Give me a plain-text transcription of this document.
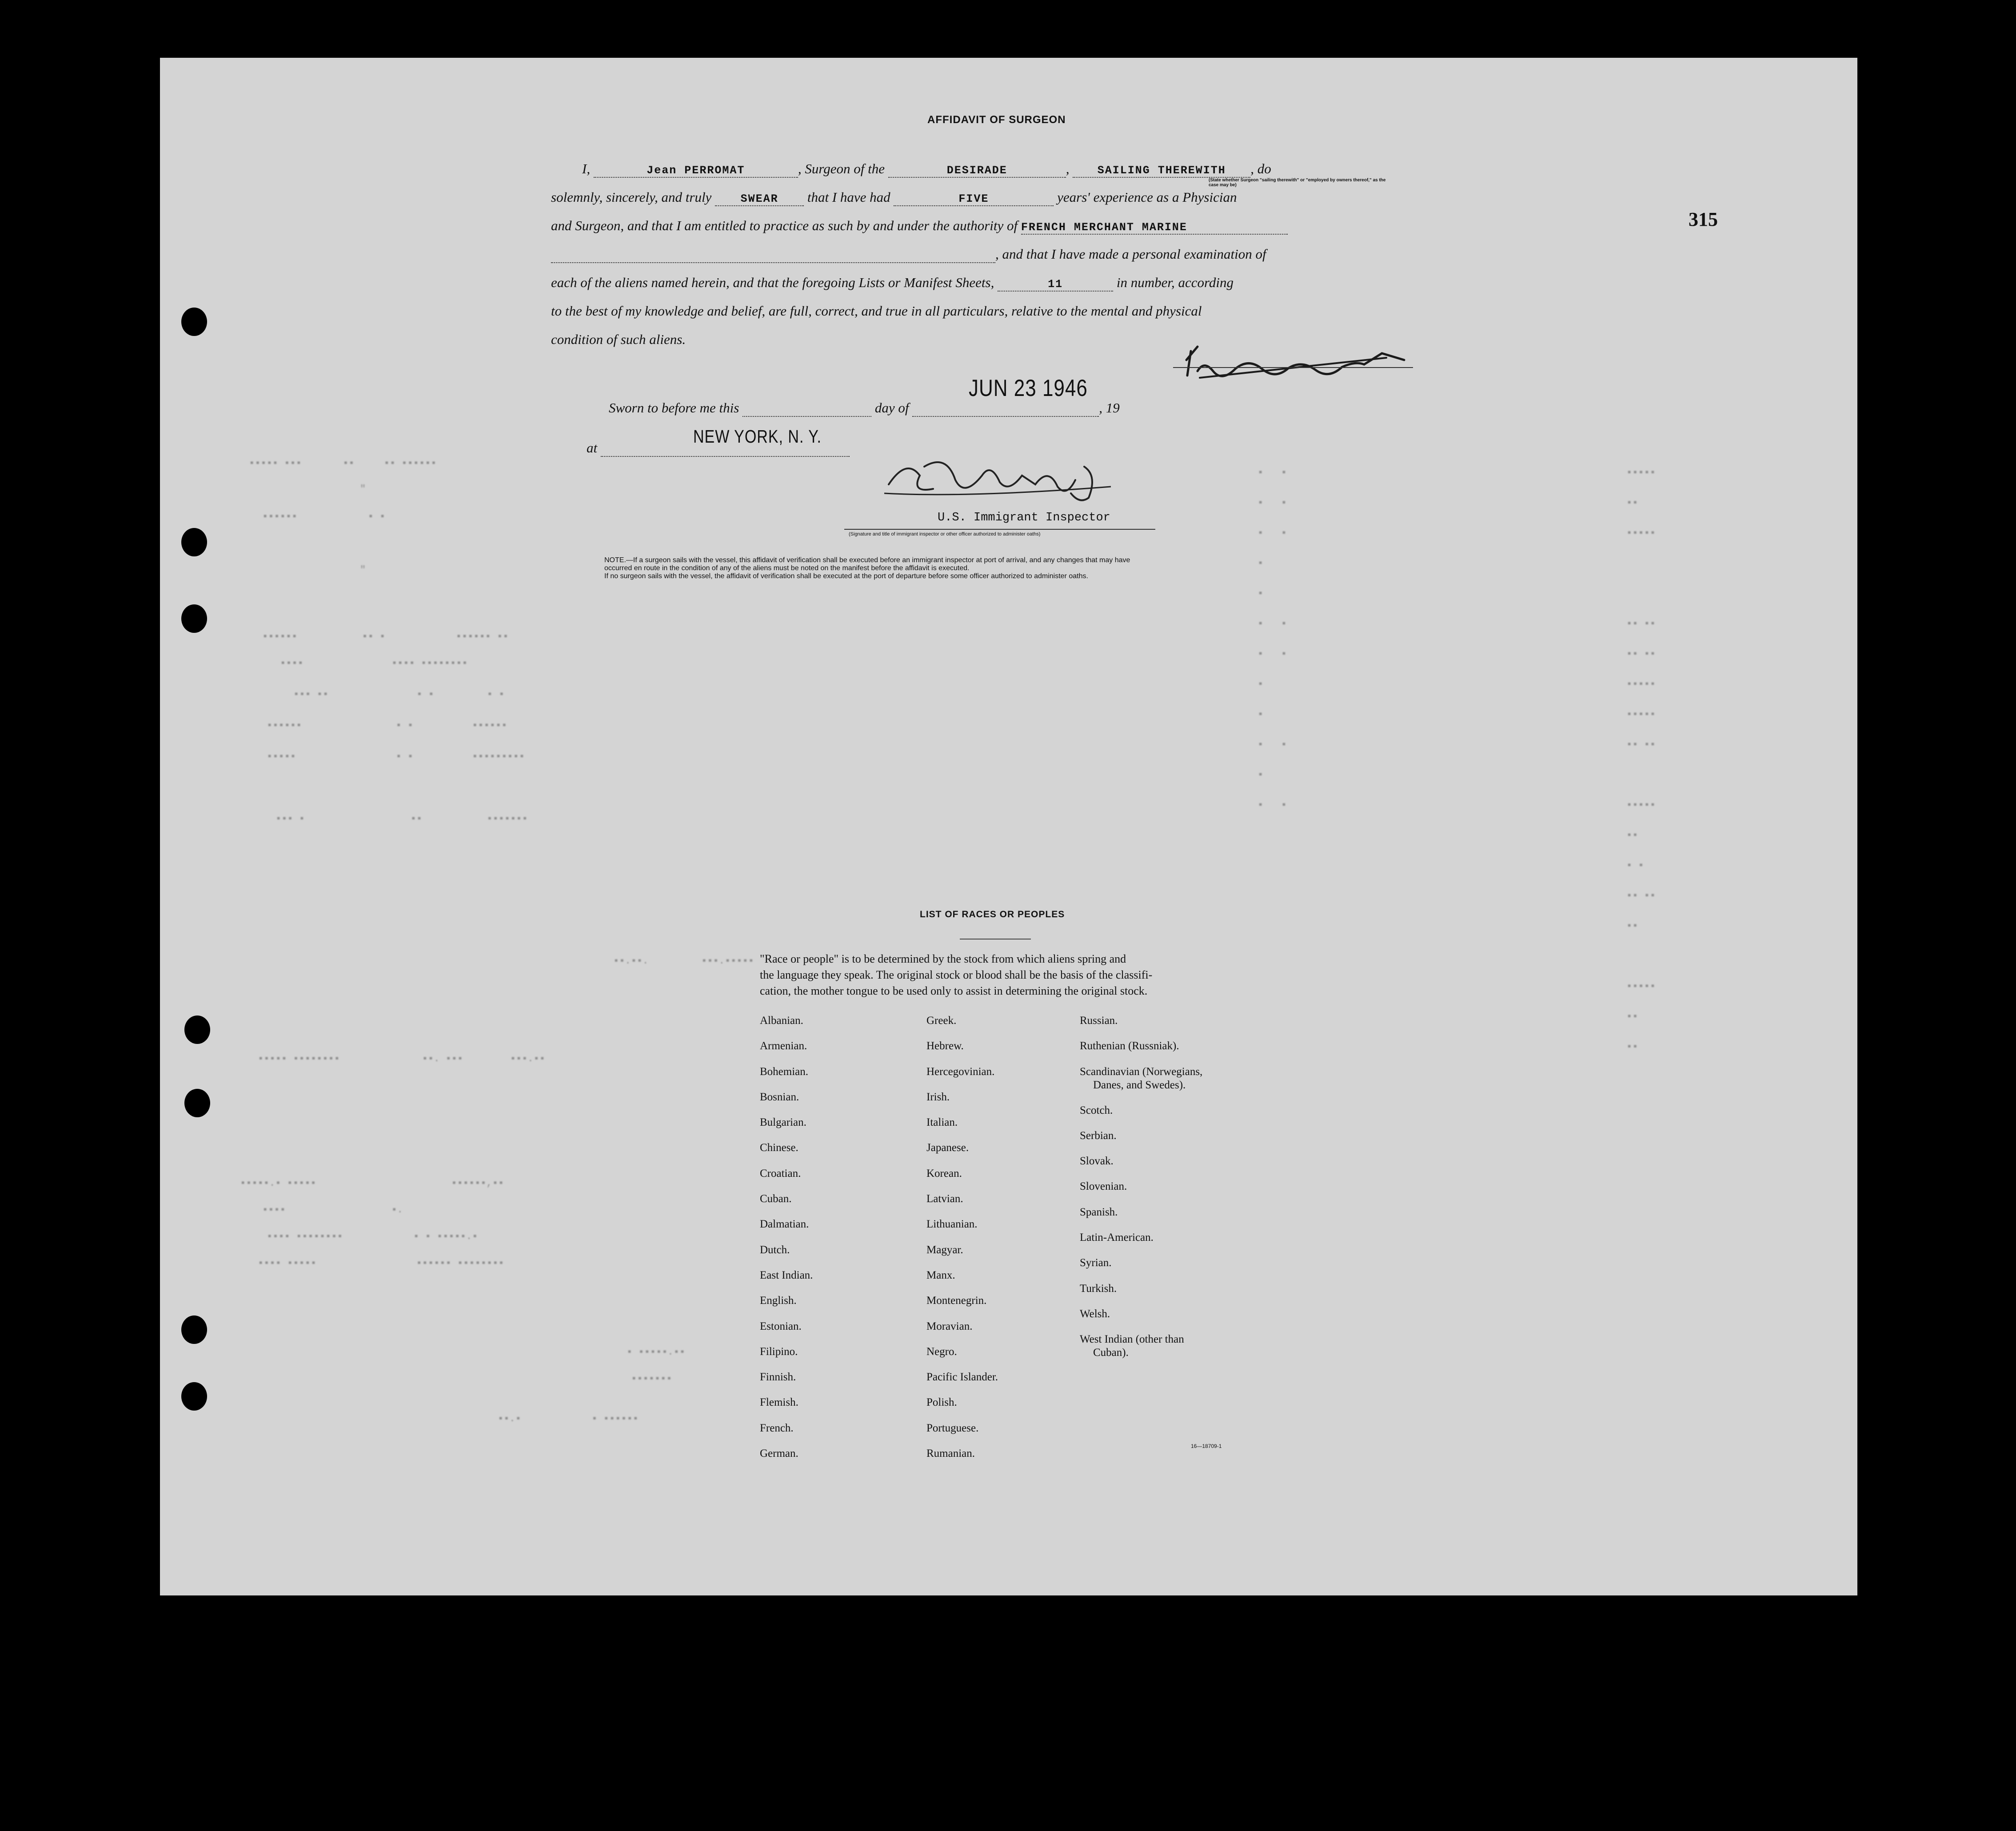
315
AFFIDAVIT OF SURGEON
I,	Jean PERROMAT	, Surgeon of the	DESIRADE	,	SAILING THEREWITH , do
(State whether Surgeon "sailing therewith" or "employed by owners thereof," as the case may be)
solemnly, sincerely, and truly	SWEAR that I have had	FIVE	years' experience as a Physician
and Surgeon, and that I am entitled to practice as such by and under the authority of FRENCH MERCHANT MARINE
, and that I have made a personal examination of
each of the aliens named herein, and that the foregoing Lists or Manifest Sheets,	11	in number, according
to the best of my knowledge and belief, are full, correct, and true in all particulars, relative to the mental and physical
condition of such aliens.
Sworn to before me this	day of	, 19
JUN 23 1946
at
NEW YORK, N. Y.
U.S. Immigrant Inspector
(Signature and title of immigrant inspector or other officer authorized to administer oaths)
NOTE.—If a surgeon sails with the vessel, this affidavit of verification shall be executed before an immigrant inspector at port of arrival, and any changes that may have
occurred en route in the condition of any of the aliens must be noted on the manifest before the affidavit is executed.
If no surgeon sails with the vessel, the affidavit of verification shall be executed at the port of departure before some officer authorized to administer oaths.
▪▪▪▪▪ ▪▪▪       ▪▪     ▪▪ ▪▪▪▪▪▪
"
▪▪▪▪▪▪            ▪ ▪
"
▪▪▪▪▪▪           ▪▪ ▪            ▪▪▪▪▪▪ ▪▪
▪▪▪▪               ▪▪▪▪ ▪▪▪▪▪▪▪▪
▪▪▪ ▪▪               ▪ ▪         ▪ ▪
▪▪▪▪▪▪                ▪ ▪          ▪▪▪▪▪▪
▪▪▪▪▪                 ▪ ▪          ▪▪▪▪▪▪▪▪▪
▪▪▪ ▪                  ▪▪           ▪▪▪▪▪▪▪
▪▪.▪▪.         ▪▪▪.▪▪▪▪▪
▪▪▪▪▪ ▪▪▪▪▪▪▪▪              ▪▪. ▪▪▪        ▪▪▪.▪▪
▪▪▪▪▪.▪ ▪▪▪▪▪                       ▪▪▪▪▪▪,▪▪
▪▪▪▪                  ▪.
▪▪▪▪ ▪▪▪▪▪▪▪▪            ▪ ▪ ▪▪▪▪▪.▪
▪▪▪▪ ▪▪▪▪▪                 ▪▪▪▪▪▪ ▪▪▪▪▪▪▪▪
▪ ▪▪▪▪▪.▪▪
▪▪▪▪▪▪▪
▪▪.▪            ▪ ▪▪▪▪▪▪
▪▪▪▪▪
▪▪
▪▪▪▪▪

▪▪ ▪▪
▪▪ ▪▪
▪▪▪▪▪
▪▪▪▪▪
▪▪ ▪▪

▪▪▪▪▪
▪▪
▪ ▪
▪▪ ▪▪
▪▪

▪▪▪▪▪
▪▪
▪▪
▪   ▪
▪   ▪
▪   ▪
▪
▪
▪   ▪
▪   ▪
▪
▪
▪   ▪
▪
▪   ▪
LIST OF RACES OR PEOPLES
"Race or people" is to be determined by the stock from which aliens spring and
the language they speak. The original stock or blood shall be the basis of the classifi-
cation, the mother tongue to be used only to assist in determining the original stock.
Albanian.
Armenian.
Bohemian.
Bosnian.
Bulgarian.
Chinese.
Croatian.
Cuban.
Dalmatian.
Dutch.
East Indian.
English.
Estonian.
Filipino.
Finnish.
Flemish.
French.
German.
Greek.
Hebrew.
Hercegovinian.
Irish.
Italian.
Japanese.
Korean.
Latvian.
Lithuanian.
Magyar.
Manx.
Montenegrin.
Moravian.
Negro.
Pacific Islander.
Polish.
Portuguese.
Rumanian.
Russian.
Ruthenian (Russniak).
Scandinavian (Norwegians,
Danes, and Swedes).
Scotch.
Serbian.
Slovak.
Slovenian.
Spanish.
Latin-American.
Syrian.
Turkish.
Welsh.
West Indian (other than
Cuban).
16—18709-1
